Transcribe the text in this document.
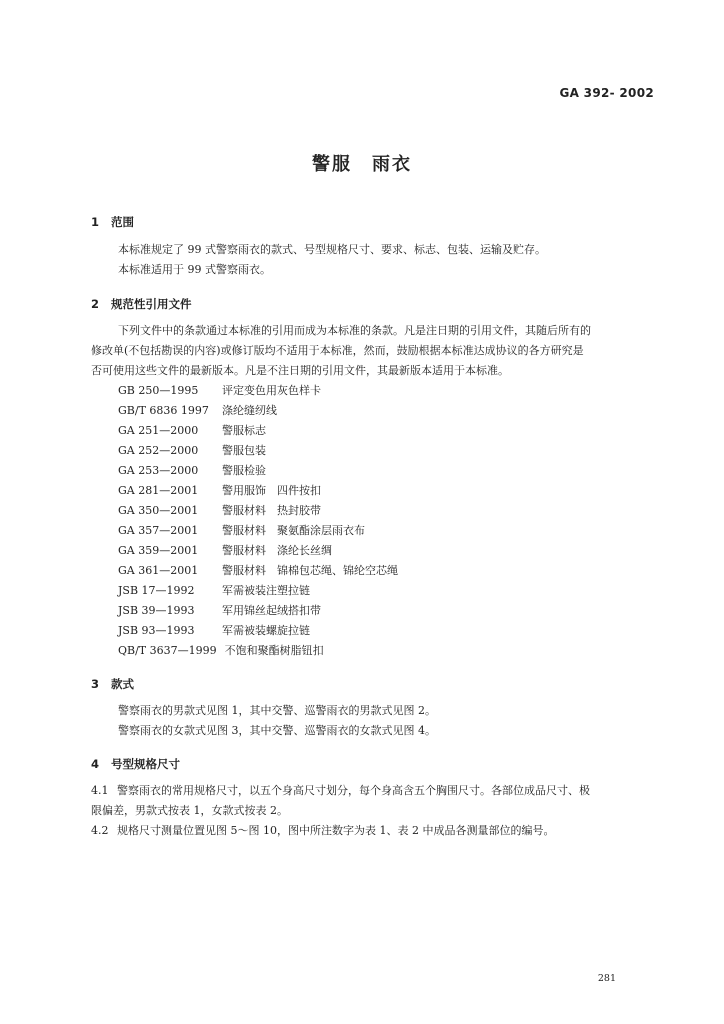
GA 392- 2002
警服　雨衣
1 范围
本标准规定了 99 式警察雨衣的款式、号型规格尺寸、要求、标志、包装、运输及贮存。
本标准适用于 99 式警察雨衣。
2 规范性引用文件
下列文件中的条款通过本标准的引用而成为本标准的条款。凡是注日期的引用文件，其随后所有的
修改单(不包括勘误的内容)或修订版均不适用于本标准，然而，鼓励根据本标准达成协议的各方研究是
否可使用这些文件的最新版本。凡是不注日期的引用文件，其最新版本适用于本标准。
GB 250—1995 评定变色用灰色样卡
GB/T 6836 1997 涤纶缝纫线
GA 251—2000 警服标志
GA 252—2000 警服包装
GA 253—2000 警服检验
GA 281—2001 警用服饰　四件按扣
GA 350—2001 警服材料　热封胶带
GA 357—2001 警服材料　聚氨酯涂层雨衣布
GA 359—2001 警服材料　涤纶长丝绸
GA 361—2001 警服材料　锦棉包芯绳、锦纶空芯绳
JSB 17—1992 军需被装注塑拉链
JSB 39—1993 军用锦丝起绒搭扣带
JSB 93—1993 军需被装螺旋拉链
QB/T 3637—1999 不饱和聚酯树脂钮扣
3 款式
警察雨衣的男款式见图 1，其中交警、巡警雨衣的男款式见图 2。
警察雨衣的女款式见图 3，其中交警、巡警雨衣的女款式见图 4。
4 号型规格尺寸
4.1 警察雨衣的常用规格尺寸，以五个身高尺寸划分，每个身高含五个胸围尺寸。各部位成品尺寸、极
限偏差，男款式按表 1，女款式按表 2。
4.2 规格尺寸测量位置见图 5～图 10，图中所注数字为表 1、表 2 中成品各测量部位的编号。
281
